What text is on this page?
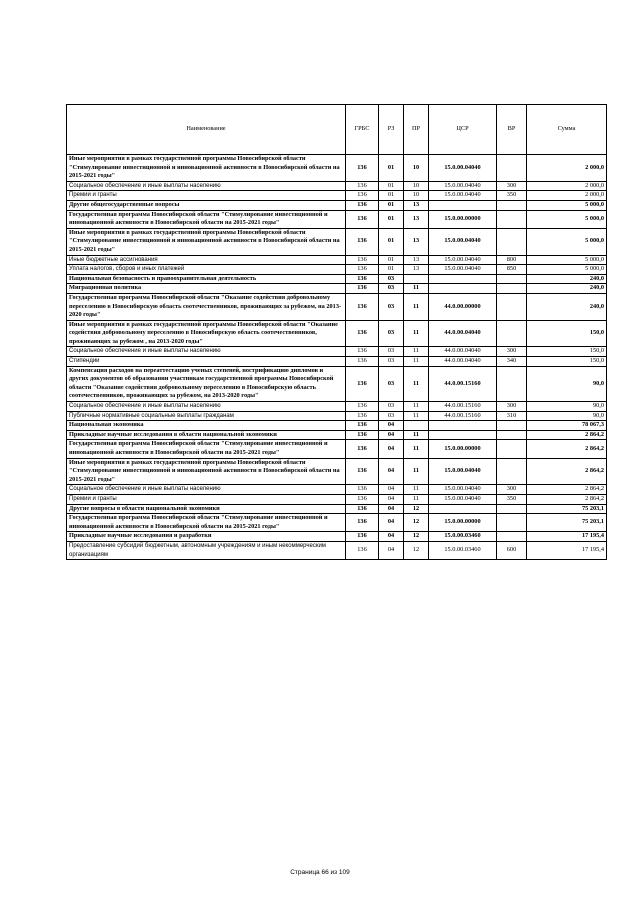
Наименование	ГРБС	РЗ	ПР	ЦСР	ВР	Сумма
Иные мероприятия в рамках государственной программы Новосибирской области "Стимулирование инвестиционной и инновационной активности в Новосибирской области на 2015-2021 годы"	136	01	10	15.0.00.04040		2 000,0
Социальное обеспечение и иные выплаты населению	136	01	10	15.0.00.04040	300	2 000,0
Премии и гранты	136	01	10	15.0.00.04040	350	2 000,0
Другие общегосударственные вопросы	136	01	13			5 000,0
Государственная программа Новосибирской области "Стимулирование инвестиционной и инновационной активности в Новосибирской области на 2015-2021 годы"	136	01	13	15.0.00.00000		5 000,0
Иные мероприятия в рамках государственной программы Новосибирской области "Стимулирование инвестиционной и инновационной активности в Новосибирской области на 2015-2021 годы"	136	01	13	15.0.00.04040		5 000,0
Иные бюджетные ассигнования	136	01	13	15.0.00.04040	800	5 000,0
Уплата налогов, сборов и иных платежей	136	01	13	15.0.00.04040	850	5 000,0
Национальная безопасность и правоохранительная деятельность	136	03				240,0
Миграционная политика	136	03	11			240,0
Государственная программа Новосибирской области "Оказание содействия добровольному переселению в Новосибирскую область соотечественников, проживающих за рубежом, на 2013-2020 годы"	136	03	11	44.0.00.00000		240,0
Иные мероприятия в рамках государственной программы Новосибирской области "Оказание содействия добровольному переселению в Новосибирскую область соотечественников, проживающих за рубежом , на 2013-2020 годы"	136	03	11	44.0.00.04040		150,0
Социальное обеспечение и иные выплаты населению	136	03	11	44.0.00.04040	300	150,0
Стипендии	136	03	11	44.0.00.04040	340	150,0
Компенсация расходов на переаттестацию ученых степеней, нострификацию дипломов и других документов об образовании участникам государственной программы Новосибирской области "Оказание содействия добровольному переселению в Новосибирскую область соотечественников, проживающих за рубежом, на 2013-2020 годы"	136	03	11	44.0.00.15160		90,0
Социальное обеспечение и иные выплаты населению	136	03	11	44.0.00.15160	300	90,0
Публичные нормативные социальные выплаты гражданам	136	03	11	44.0.00.15160	310	90,0
Национальная экономика	136	04				78 067,3
Прикладные научные исследования в области национальной экономики	136	04	11			2 864,2
Государственная программа Новосибирской области "Стимулирование инвестиционной и инновационной активности в Новосибирской области на 2015-2021 годы"	136	04	11	15.0.00.00000		2 864,2
Иные мероприятия в рамках государственной программы Новосибирской области "Стимулирование инвестиционной и инновационной активности в Новосибирской области на 2015-2021 годы"	136	04	11	15.0.00.04040		2 864,2
Социальное обеспечение и иные выплаты населению	136	04	11	15.0.00.04040	300	2 864,2
Премии и гранты	136	04	11	15.0.00.04040	350	2 864,2
Другие вопросы в области национальной экономики	136	04	12			75 203,1
Государственная программа Новосибирской области "Стимулирование инвестиционной и инновационной активности в Новосибирской области на 2015-2021 годы"	136	04	12	15.0.00.00000		75 203,1
Прикладные научные исследования и разработки	136	04	12	15.0.00.03460		17 195,4
Предоставление субсидий бюджетным, автономным учреждениям и иным некоммерческим организациям	136	04	12	15.0.00.03460	600	17 195,4
Страница 66 из 109
